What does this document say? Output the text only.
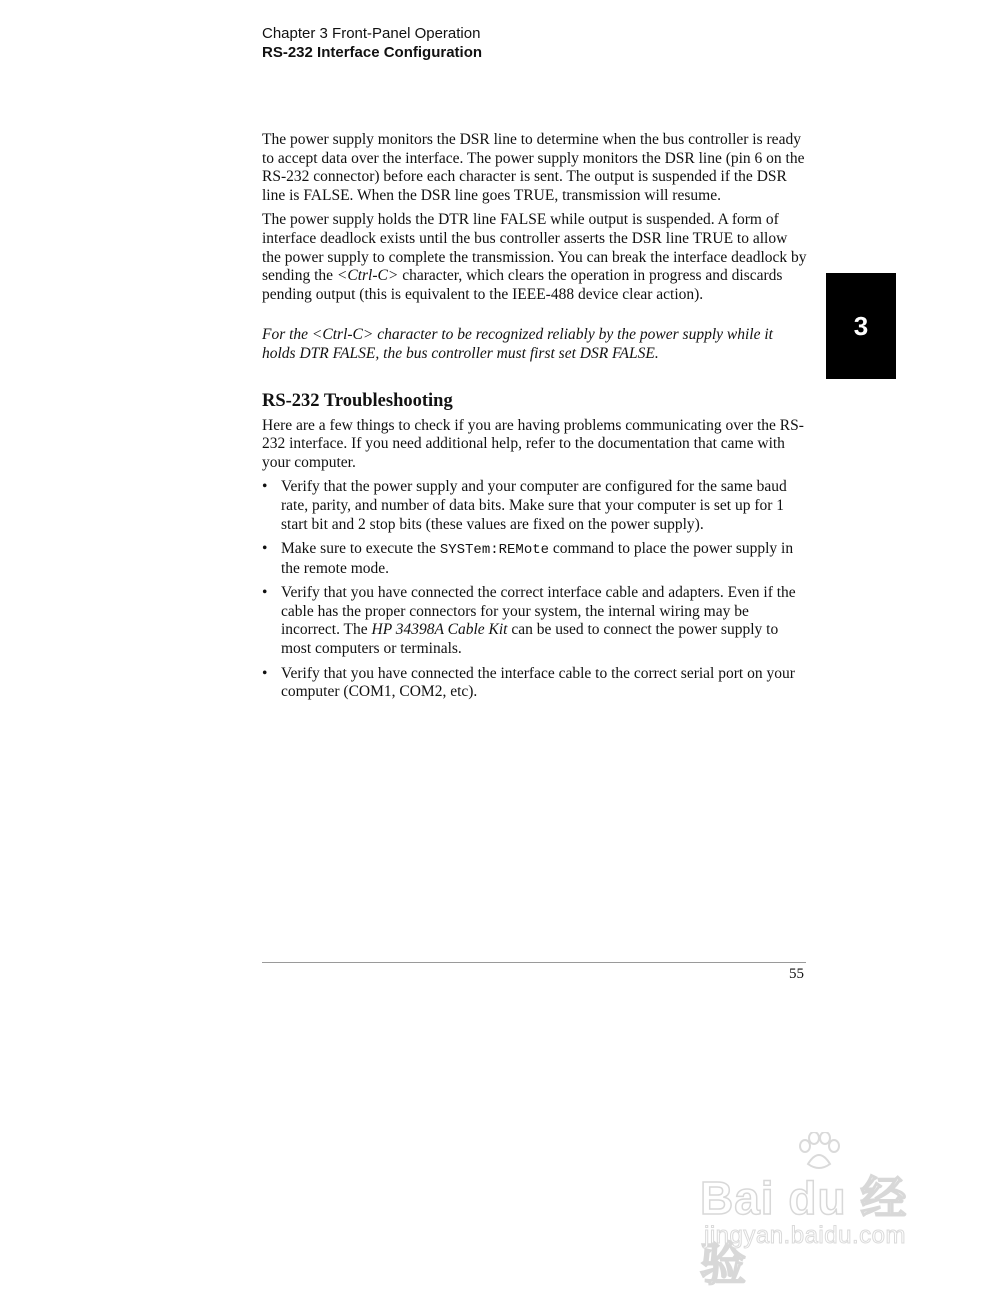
Chapter 3 Front-Panel Operation
RS-232 Interface Configuration
3

The power supply monitors the DSR line to determine when the bus controller is ready to accept data over the interface. The power supply monitors the DSR line (pin 6 on the RS-232 connector) before each character is sent. The output is suspended if the DSR line is FALSE. When the DSR line goes TRUE, transmission will resume.

The power supply holds the DTR line FALSE while output is suspended. A form of interface deadlock exists until the bus controller asserts the DSR line TRUE to allow the power supply to complete the transmission. You can break the interface deadlock by sending the <Ctrl-C> character, which clears the operation in progress and discards pending output (this is equivalent to the IEEE-488 device clear action).

For the <Ctrl-C> character to be recognized reliably by the power supply while it holds DTR FALSE, the bus controller must first set DSR FALSE.

RS-232 Troubleshooting

Here are a few things to check if you are having problems communicating over the RS-232 interface. If you need additional help, refer to the documentation that came with your computer.

• Verify that the power supply and your computer are configured for the same baud rate, parity, and number of data bits. Make sure that your computer is set up for 1 start bit and 2 stop bits (these values are fixed on the power supply).
• Make sure to execute the SYSTem:REMote command to place the power supply in the remote mode.
• Verify that you have connected the correct interface cable and adapters. Even if the cable has the proper connectors for your system, the internal wiring may be incorrect. The HP 34398A Cable Kit can be used to connect the power supply to most computers or terminals.
• Verify that you have connected the interface cable to the correct serial port on your computer (COM1, COM2, etc).
55
Bai du 经验
jingyan.baidu.com
